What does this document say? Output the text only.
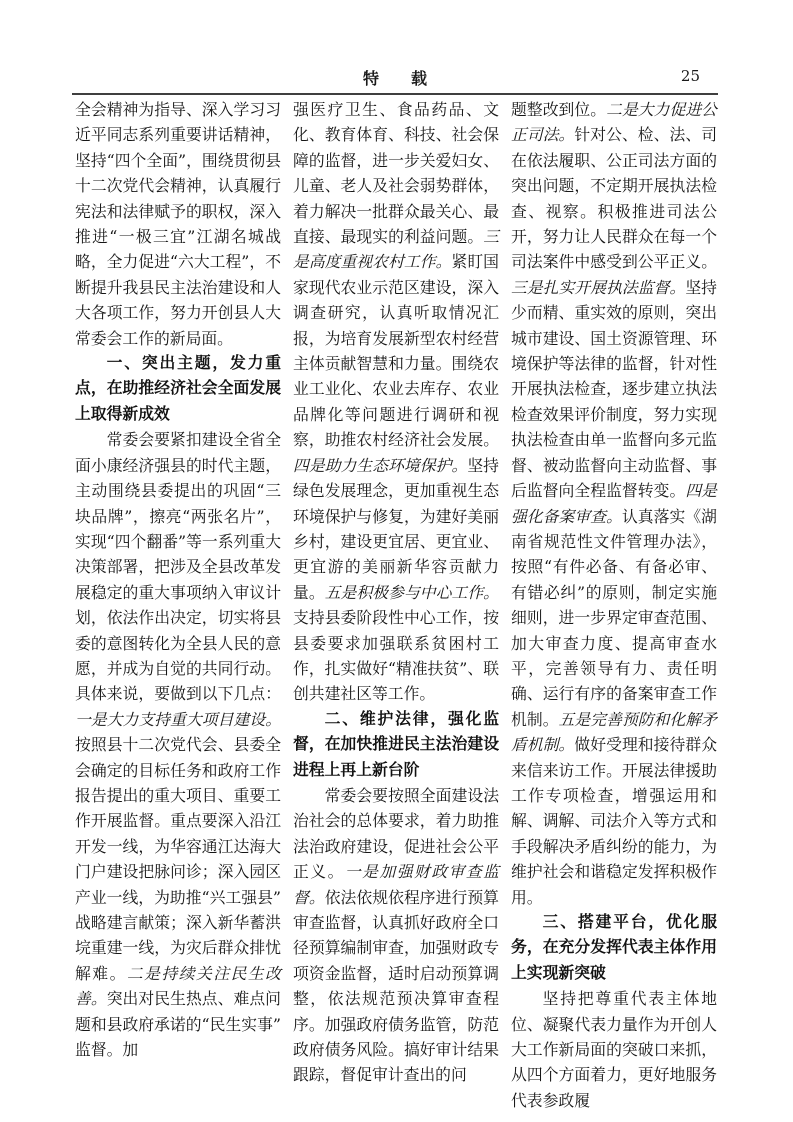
特　　载	25

全会精神为指导、深入学习习近平同志系列重要讲话精神，坚持“四个全面”，围绕贯彻县十二次党代会精神，认真履行宪法和法律赋予的职权，深入推进“一极三宜”江湖名城战略，全力促进“六大工程”，不断提升我县民主法治建设和人大各项工作，努力开创县人大常委会工作的新局面。

一、突出主题，发力重点，在助推经济社会全面发展上取得新成效

常委会要紧扣建设全省全面小康经济强县的时代主题，主动围绕县委提出的巩固“三块品牌”，擦亮“两张名片”，实现“四个翻番”等一系列重大决策部署，把涉及全县改革发展稳定的重大事项纳入审议计划，依法作出决定，切实将县委的意图转化为全县人民的意愿，并成为自觉的共同行动。具体来说，要做到以下几点：一是大力支持重大项目建设。按照县十二次党代会、县委全会确定的目标任务和政府工作报告提出的重大项目、重要工作开展监督。重点要深入沿江开发一线，为华容通江达海大门户建设把脉问诊；深入园区产业一线，为助推“兴工强县”战略建言献策；深入新华蓄洪垸重建一线，为灾后群众排忧解难。二是持续关注民生改善。突出对民生热点、难点问题和县政府承诺的“民生实事”监督。加

强医疗卫生、食品药品、文化、教育体育、科技、社会保障的监督，进一步关爱妇女、儿童、老人及社会弱势群体，着力解决一批群众最关心、最直接、最现实的利益问题。三是高度重视农村工作。紧盯国家现代农业示范区建设，深入调查研究，认真听取情况汇报，为培育发展新型农村经营主体贡献智慧和力量。围绕农业工业化、农业去库存、农业品牌化等问题进行调研和视察，助推农村经济社会发展。四是助力生态环境保护。坚持绿色发展理念，更加重视生态环境保护与修复，为建好美丽乡村，建设更宜居、更宜业、更宜游的美丽新华容贡献力量。五是积极参与中心工作。支持县委阶段性中心工作，按县委要求加强联系贫困村工作，扎实做好“精准扶贫”、联创共建社区等工作。

二、维护法律，强化监督，在加快推进民主法治建设进程上再上新台阶

常委会要按照全面建设法治社会的总体要求，着力助推法治政府建设，促进社会公平正义。一是加强财政审查监督。依法依规依程序进行预算审查监督，认真抓好政府全口径预算编制审查，加强财政专项资金监督，适时启动预算调整，依法规范预决算审查程序。加强政府债务监管，防范政府债务风险。搞好审计结果跟踪，督促审计查出的问

题整改到位。二是大力促进公正司法。针对公、检、法、司在依法履职、公正司法方面的突出问题，不定期开展执法检查、视察。积极推进司法公开，努力让人民群众在每一个司法案件中感受到公平正义。三是扎实开展执法监督。坚持少而精、重实效的原则，突出城市建设、国土资源管理、环境保护等法律的监督，针对性开展执法检查，逐步建立执法检查效果评价制度，努力实现执法检查由单一监督向多元监督、被动监督向主动监督、事后监督向全程监督转变。四是强化备案审查。认真落实《湖南省规范性文件管理办法》，按照“有件必备、有备必审、有错必纠”的原则，制定实施细则，进一步界定审查范围、加大审查力度、提高审查水平，完善领导有力、责任明确、运行有序的备案审查工作机制。五是完善预防和化解矛盾机制。做好受理和接待群众来信来访工作。开展法律援助工作专项检查，增强运用和解、调解、司法介入等方式和手段解决矛盾纠纷的能力，为维护社会和谐稳定发挥积极作用。

三、搭建平台，优化服务，在充分发挥代表主体作用上实现新突破

坚持把尊重代表主体地位、凝聚代表力量作为开创人大工作新局面的突破口来抓，从四个方面着力，更好地服务代表参政履
